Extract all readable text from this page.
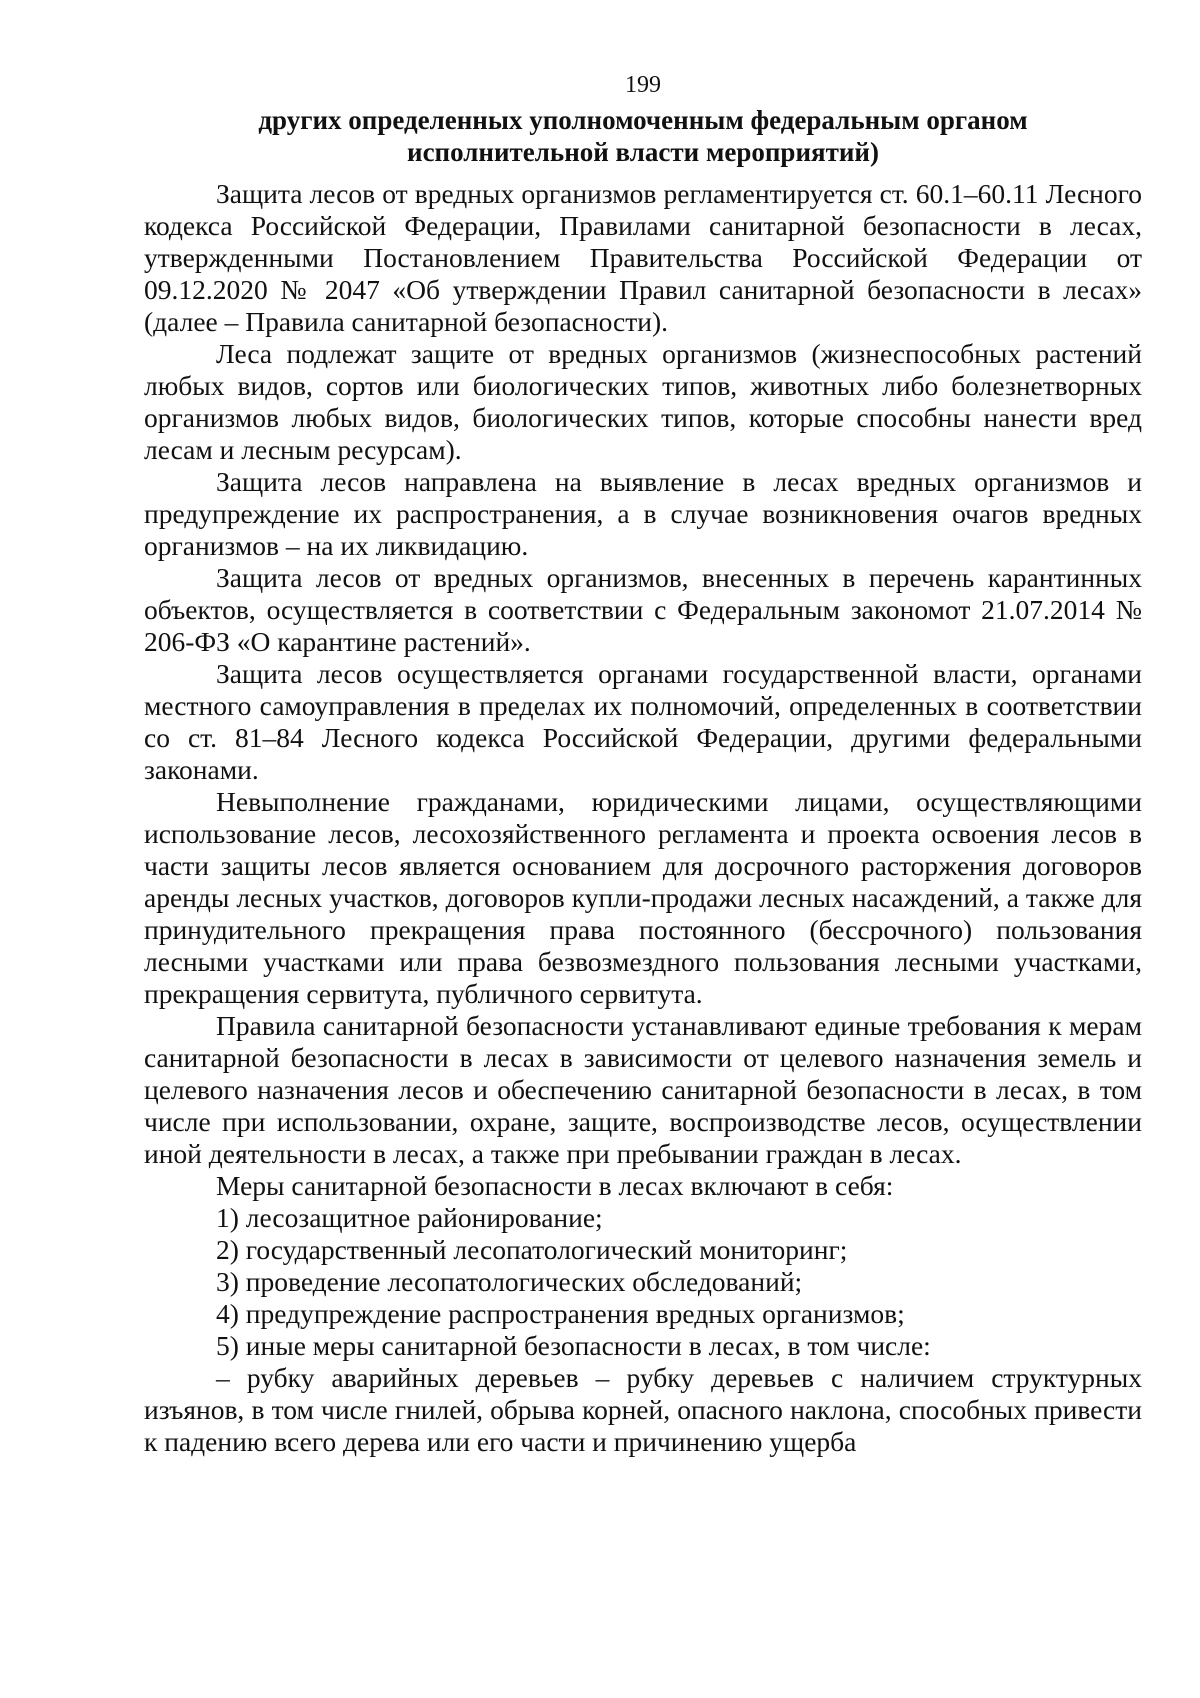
199
других определенных уполномоченным федеральным органом
исполнительной власти мероприятий)

Защита лесов от вредных организмов регламентируется ст. 60.1–60.11 Лесного кодекса Российской Федерации, Правилами санитарной безопасности в лесах, утвержденными Постановлением Правительства Российской Федерации от 09.12.2020 № 2047 «Об утверждении Правил санитарной безопасности в лесах» (далее – Правила санитарной безопасности).

Леса подлежат защите от вредных организмов (жизнеспособных растений любых видов, сортов или биологических типов, животных либо болезнетворных организмов любых видов, биологических типов, которые способны нанести вред лесам и лесным ресурсам).

Защита лесов направлена на выявление в лесах вредных организмов и предупреждение их распространения, а в случае возникновения очагов вредных организмов – на их ликвидацию.

Защита лесов от вредных организмов, внесенных в перечень карантинных объектов, осуществляется в соответствии с Федеральным закономот 21.07.2014 № 206-ФЗ «О карантине растений».

Защита лесов осуществляется органами государственной власти, органами местного самоуправления в пределах их полномочий, определенных в соответствии со ст. 81–84 Лесного кодекса Российской Федерации, другими федеральными законами.

Невыполнение гражданами, юридическими лицами, осуществляющими использование лесов, лесохозяйственного регламента и проекта освоения лесов в части защиты лесов является основанием для досрочного расторжения договоров аренды лесных участков, договоров купли-продажи лесных насаждений, а также для принудительного прекращения права постоянного (бессрочного) пользования лесными участками или права безвозмездного пользования лесными участками, прекращения сервитута, публичного сервитута.

Правила санитарной безопасности устанавливают единые требования к мерам санитарной безопасности в лесах в зависимости от целевого назначения земель и целевого назначения лесов и обеспечению санитарной безопасности в лесах, в том числе при использовании, охране, защите, воспроизводстве лесов, осуществлении иной деятельности в лесах, а также при пребывании граждан в лесах.

Меры санитарной безопасности в лесах включают в себя:

1) лесозащитное районирование;

2) государственный лесопатологический мониторинг;

3) проведение лесопатологических обследований;

4) предупреждение распространения вредных организмов;

5) иные меры санитарной безопасности в лесах, в том числе:

– рубку аварийных деревьев – рубку деревьев с наличием структурных изъянов, в том числе гнилей, обрыва корней, опасного наклона, способных привести к падению всего дерева или его части и причинению ущерба
